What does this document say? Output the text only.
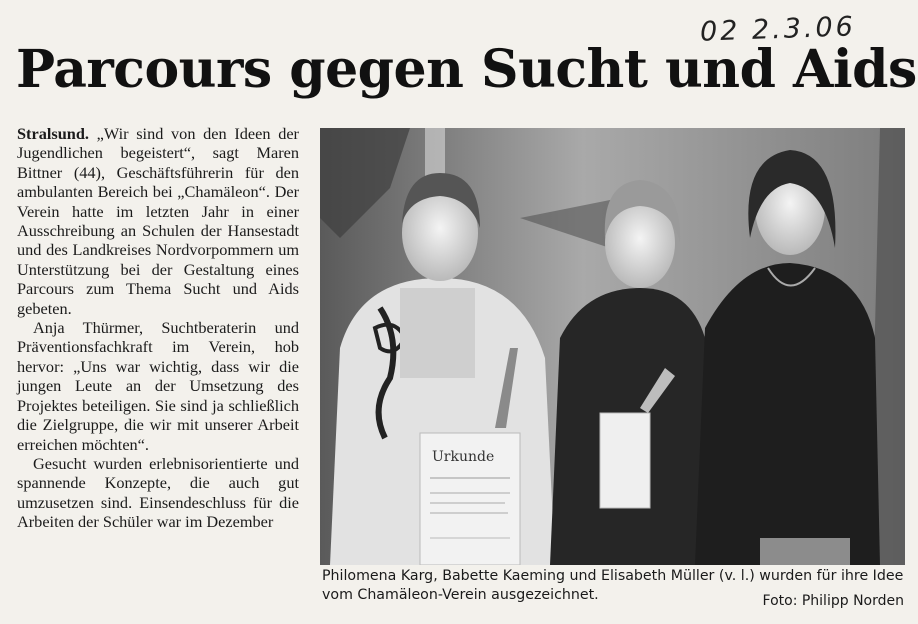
02 2.3.06
Parcours gegen Sucht und Aids

Stralsund. „Wir sind von den Ideen der Jugendlichen begeistert“, sagt Maren Bittner (44), Geschäftsführerin für den ambulanten Bereich bei „Chamäleon“. Der Verein hatte im letzten Jahr in einer Ausschreibung an Schulen der Hansestadt und des Landkreises Nordvorpommern um Unterstützung bei der Gestaltung eines Parcours zum Thema Sucht und Aids gebeten.

Anja Thürmer, Suchtberaterin und Präventionsfachkraft im Verein, hob hervor: „Uns war wichtig, dass wir die jungen Leute an der Umsetzung des Projektes beteiligen. Sie sind ja schließlich die Zielgruppe, die wir mit unserer Arbeit erreichen möchten“.

Gesucht wurden erlebnisorientierte und spannende Konzepte, die auch gut umzusetzen sind. Einsendeschluss für die Arbeiten der Schüler war im Dezember

Urkunde

Philomena Karg, Babette Kaeming und Elisabeth Müller (v. l.) wurden für ihre Idee vom Chamäleon-Verein ausgezeichnet.	Foto: Philipp Norden
